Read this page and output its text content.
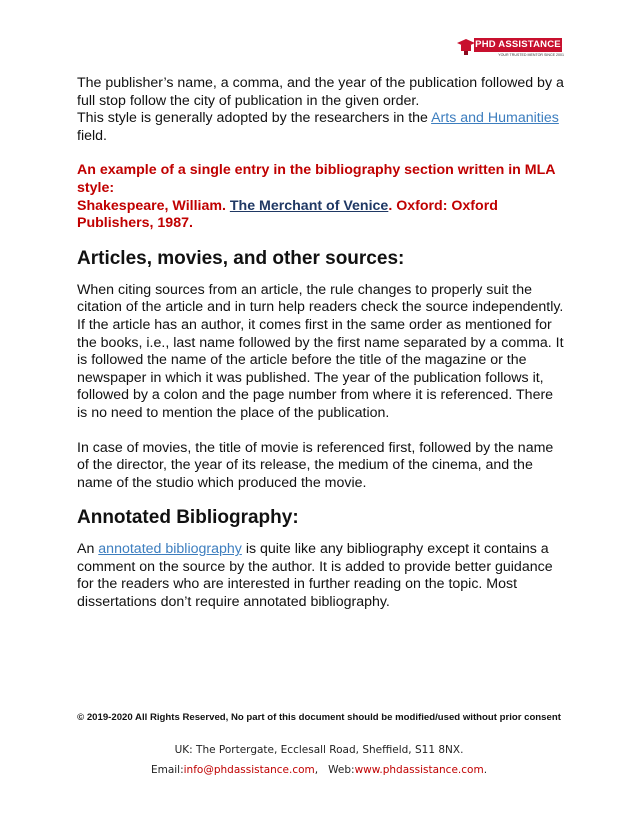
PHD ASSISTANCE
YOUR TRUSTED MENTOR SINCE 2001

The publisher’s name, a comma, and the year of the publication followed by a full stop follow the city of publication in the given order.

This style is generally adopted by the researchers in the Arts and Humanities field.

An example of a single entry in the bibliography section written in MLA style:

Shakespeare, William. The Merchant of Venice. Oxford: Oxford Publishers, 1987.

Articles, movies, and other sources:

When citing sources from an article, the rule changes to properly suit the citation of the article and in turn help readers check the source independently. If the article has an author, it comes first in the same order as mentioned for the books, i.e., last name followed by the first name separated by a comma. It is followed the name of the article before the title of the magazine or the newspaper in which it was published. The year of the publication follows it, followed by a colon and the page number from where it is referenced. There is no need to mention the place of the publication.

In case of movies, the title of movie is referenced first, followed by the name of the director, the year of its release, the medium of the cinema, and the name of the studio which produced the movie.

Annotated Bibliography:

An annotated bibliography is quite like any bibliography except it contains a comment on the source by the author. It is added to provide better guidance for the readers who are interested in further reading on the topic. Most dissertations don’t require annotated bibliography.

© 2019-2020 All Rights Reserved, No part of this document should be modified/used without prior consent
UK: The Portergate, Ecclesall Road, Sheffield, S11 8NX.
Email:info@phdassistance.com,   Web:www.phdassistance.com.
